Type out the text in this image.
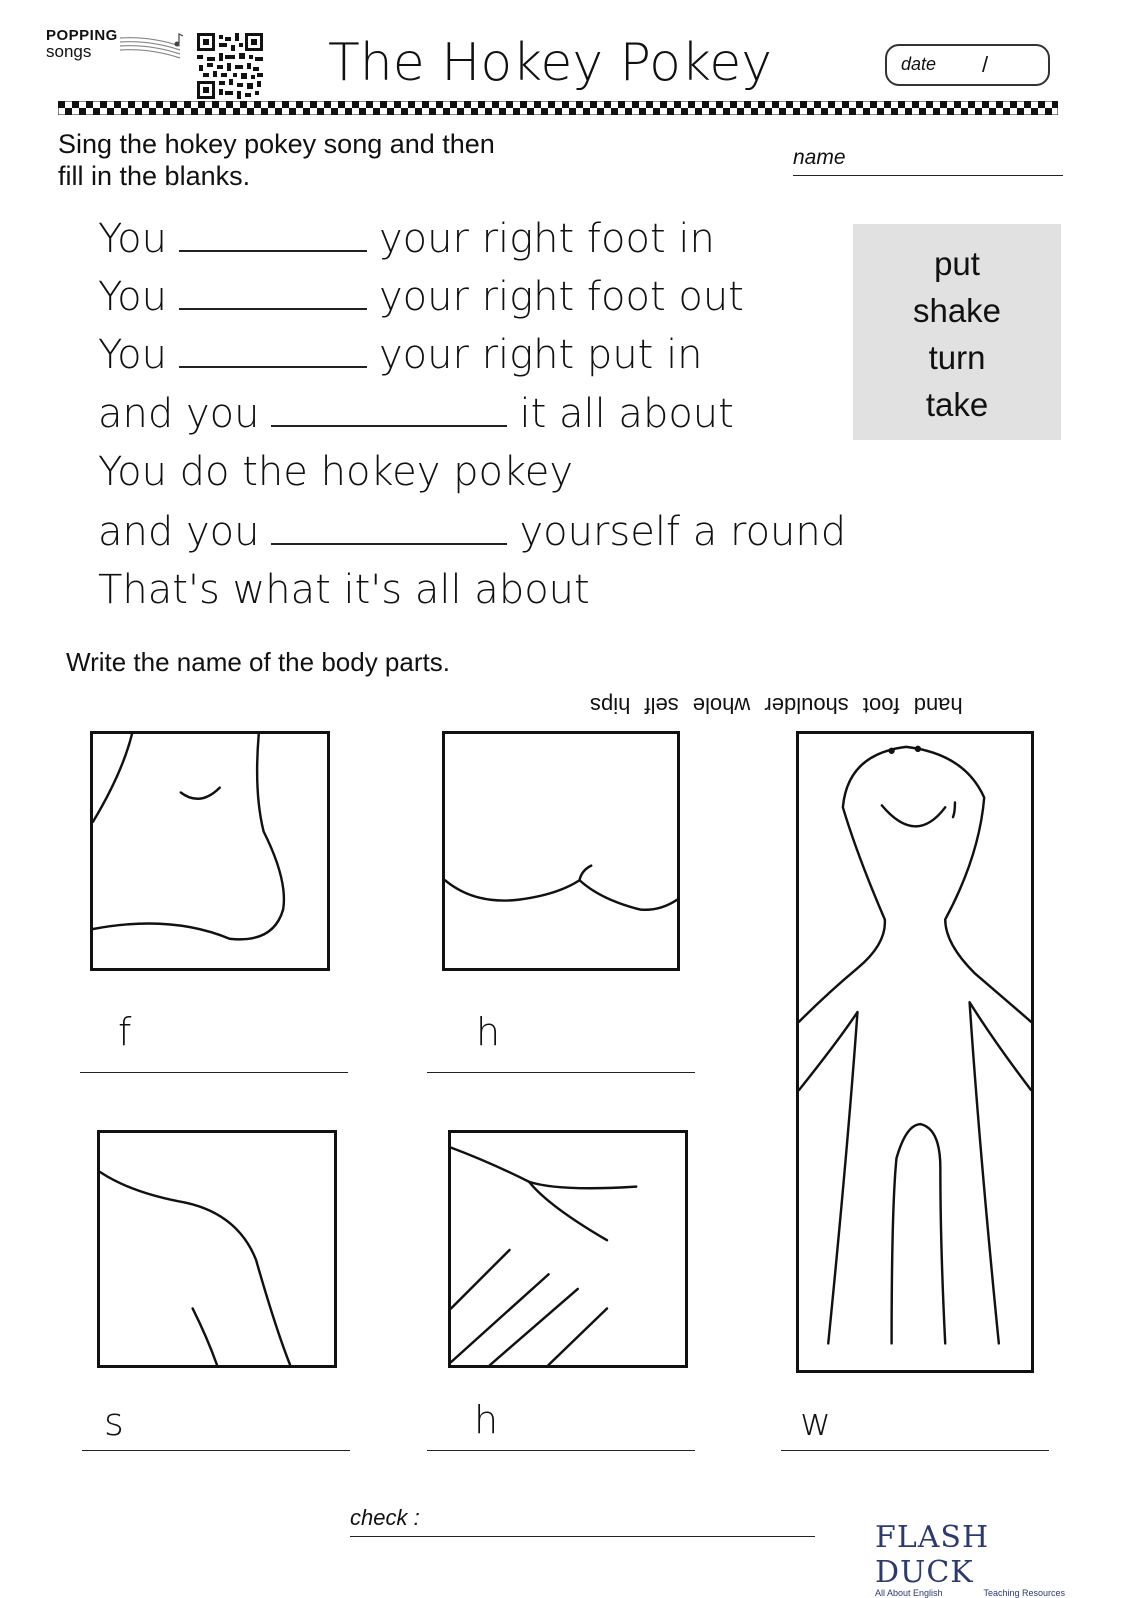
POPPING
songs	The Hokey Pokey	date /
Sing the hokey pokey song and then
fill in the blanks.
name
You	your right foot in
You	your right foot out
You	your right put in
and you	it all about
You do the hokey pokey
and you	yourself a round
That's what it's all about
put
shake
turn
take
Write the name of the body parts.
hand foot shoulder whole self hips
f	h
s	h	w
check :
FLASH DUCK
All About English	Teaching Resources
